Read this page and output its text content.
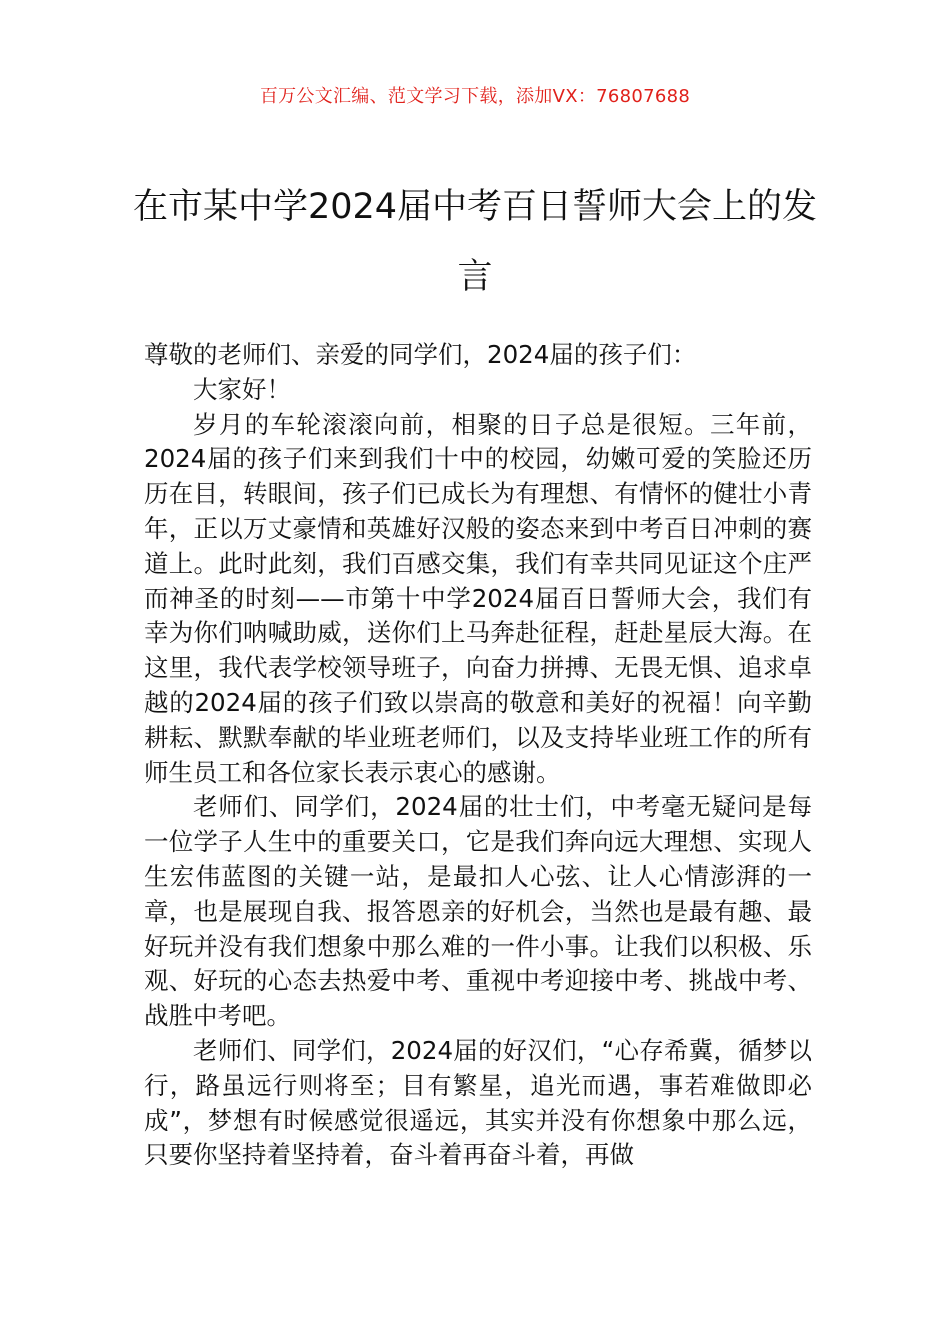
百万公文汇编、范文学习下载，添加VX：76807688
在市某中学2024届中考百日誓师大会上的发言

尊敬的老师们、亲爱的同学们，2024届的孩子们：

大家好！

岁月的车轮滚滚向前，相聚的日子总是很短。三年前，2024届的孩子们来到我们十中的校园，幼嫩可爱的笑脸还历历在目，转眼间，孩子们已成长为有理想、有情怀的健壮小青年，正以万丈豪情和英雄好汉般的姿态来到中考百日冲刺的赛道上。此时此刻，我们百感交集，我们有幸共同见证这个庄严而神圣的时刻——市第十中学2024届百日誓师大会，我们有幸为你们呐喊助威，送你们上马奔赴征程，赶赴星辰大海。在这里，我代表学校领导班子，向奋力拼搏、无畏无惧、追求卓越的2024届的孩子们致以崇高的敬意和美好的祝福！向辛勤耕耘、默默奉献的毕业班老师们，以及支持毕业班工作的所有师生员工和各位家长表示衷心的感谢。

老师们、同学们，2024届的壮士们，中考毫无疑问是每一位学子人生中的重要关口，它是我们奔向远大理想、实现人生宏伟蓝图的关键一站，是最扣人心弦、让人心情澎湃的一章，也是展现自我、报答恩亲的好机会，当然也是最有趣、最好玩并没有我们想象中那么难的一件小事。让我们以积极、乐观、好玩的心态去热爱中考、重视中考迎接中考、挑战中考、战胜中考吧。

老师们、同学们，2024届的好汉们，“心存希冀，循梦以行，路虽远行则将至；目有繁星，追光而遇，事若难做即必成”，梦想有时候感觉很遥远，其实并没有你想象中那么远，只要你坚持着坚持着，奋斗着再奋斗着，再做
